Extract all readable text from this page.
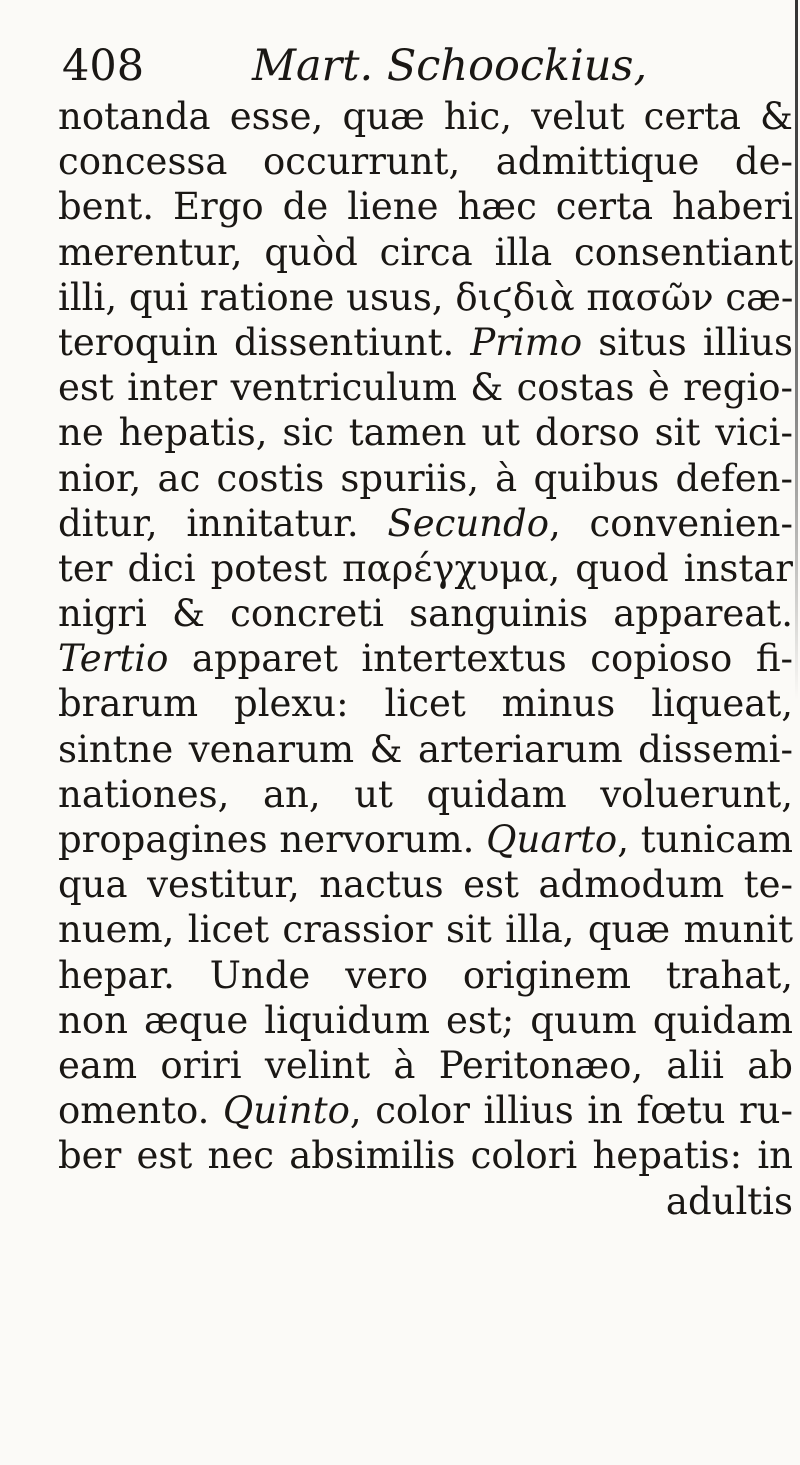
408	Mart. Schoockius,
notanda esse, quæ hic, velut certa &
concessa occurrunt, admittique de-
bent. Ergo de liene hæc certa haberi
merentur, quòd circa illa consentiant
illi, qui ratione usus, διϛδιὰ πασῶν cæ-
teroquin dissentiunt. Primo situs illius
est inter ventriculum & costas è regio-
ne hepatis, sic tamen ut dorso sit vici-
nior, ac costis spuriis, à quibus defen-
ditur, innitatur. Secundo, convenien-
ter dici potest παρέγχυμα, quod instar
nigri & concreti sanguinis appareat.
Tertio apparet intertextus copioso fi-
brarum plexu: licet minus liqueat,
sintne venarum & arteriarum dissemi-
nationes, an, ut quidam voluerunt,
propagines nervorum. Quarto, tunicam
qua vestitur, nactus est admodum te-
nuem, licet crassior sit illa, quæ munit
hepar. Unde vero originem trahat,
non æque liquidum est; quum quidam
eam oriri velint à Peritonæo, alii ab
omento. Quinto, color illius in fœtu ru-
ber est nec absimilis colori hepatis: in
adultis
